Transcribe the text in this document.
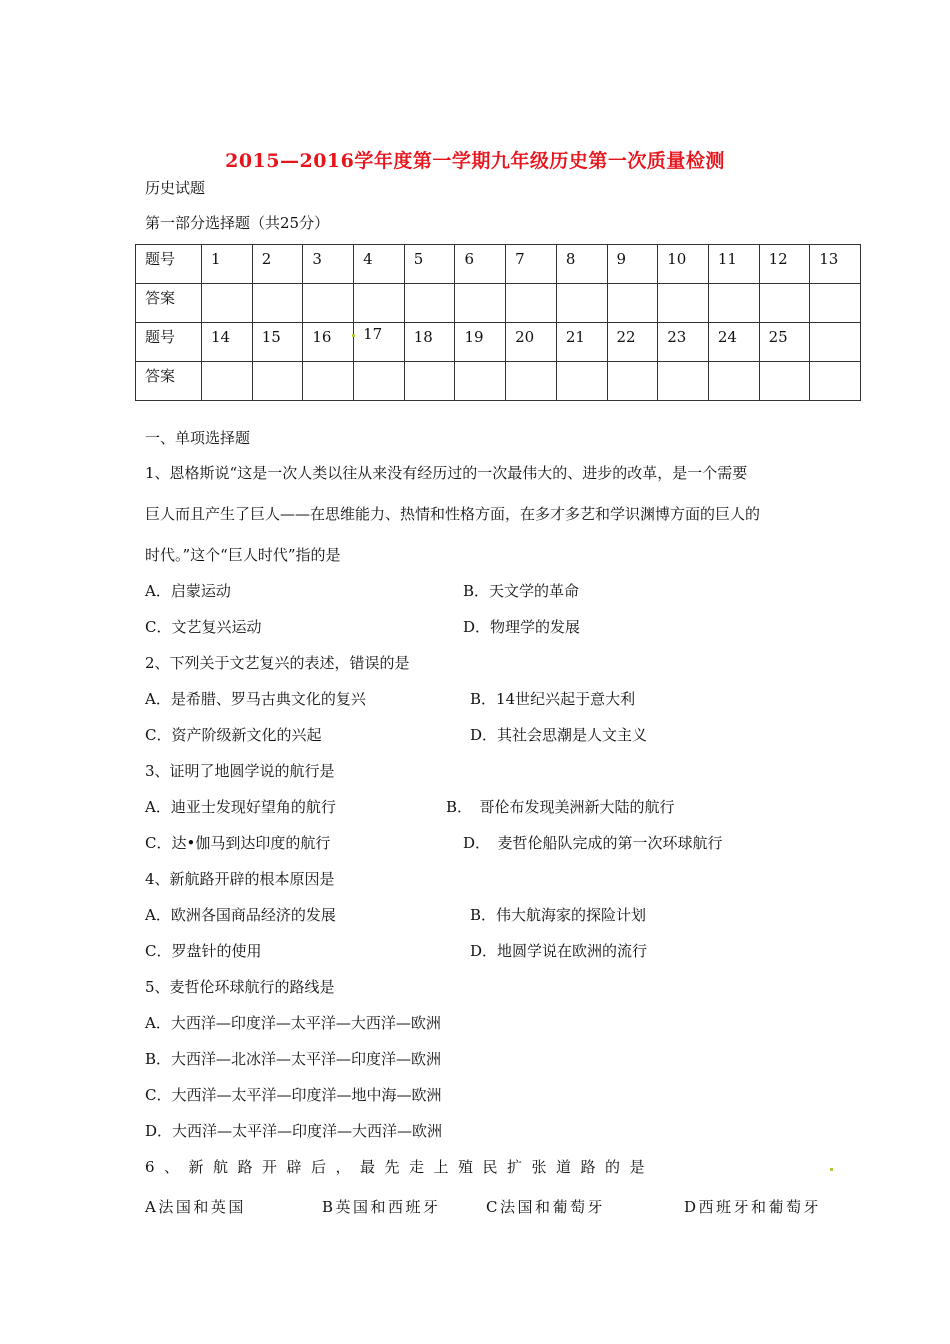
2015—2016学年度第一学期九年级历史第一次质量检测
历史试题
第一部分选择题（共25分）
题号	1	2	3	4	5	6	7	8	9	10	11	12	13
答案													
题号	14	15	16	17	18	19	20	21	22	23	24	25	
答案													
一、单项选择题
1、恩格斯说“这是一次人类以往从来没有经历过的一次最伟大的、进步的改革，是一个需要
巨人而且产生了巨人——在思维能力、热情和性格方面，在多才多艺和学识渊博方面的巨人的
时代。”这个“巨人时代”指的是
A．启蒙运动	B．天文学的革命
C．文艺复兴运动	D．物理学的发展
2、下列关于文艺复兴的表述，错误的是
A．是希腊、罗马古典文化的复兴	B．14世纪兴起于意大利
C．资产阶级新文化的兴起	D．其社会思潮是人文主义
3、证明了地圆学说的航行是
A．迪亚士发现好望角的航行	B．　哥伦布发现美洲新大陆的航行
C．达•伽马到达印度的航行	D．　麦哲伦船队完成的第一次环球航行
4、新航路开辟的根本原因是
A．欧洲各国商品经济的发展	B．伟大航海家的探险计划
C．罗盘针的使用	D．地圆学说在欧洲的流行
5、麦哲伦环球航行的路线是
A．大西洋—印度洋—太平洋—大西洋—欧洲
B．大西洋—北冰洋—太平洋—印度洋—欧洲
C．大西洋—太平洋—印度洋—地中海—欧洲
D．大西洋—太平洋—印度洋—大西洋—欧洲
6、新航路开辟后，最先走上殖民扩张道路的是
A法国和英国	B英国和西班牙	C法国和葡萄牙	D西班牙和葡萄牙
